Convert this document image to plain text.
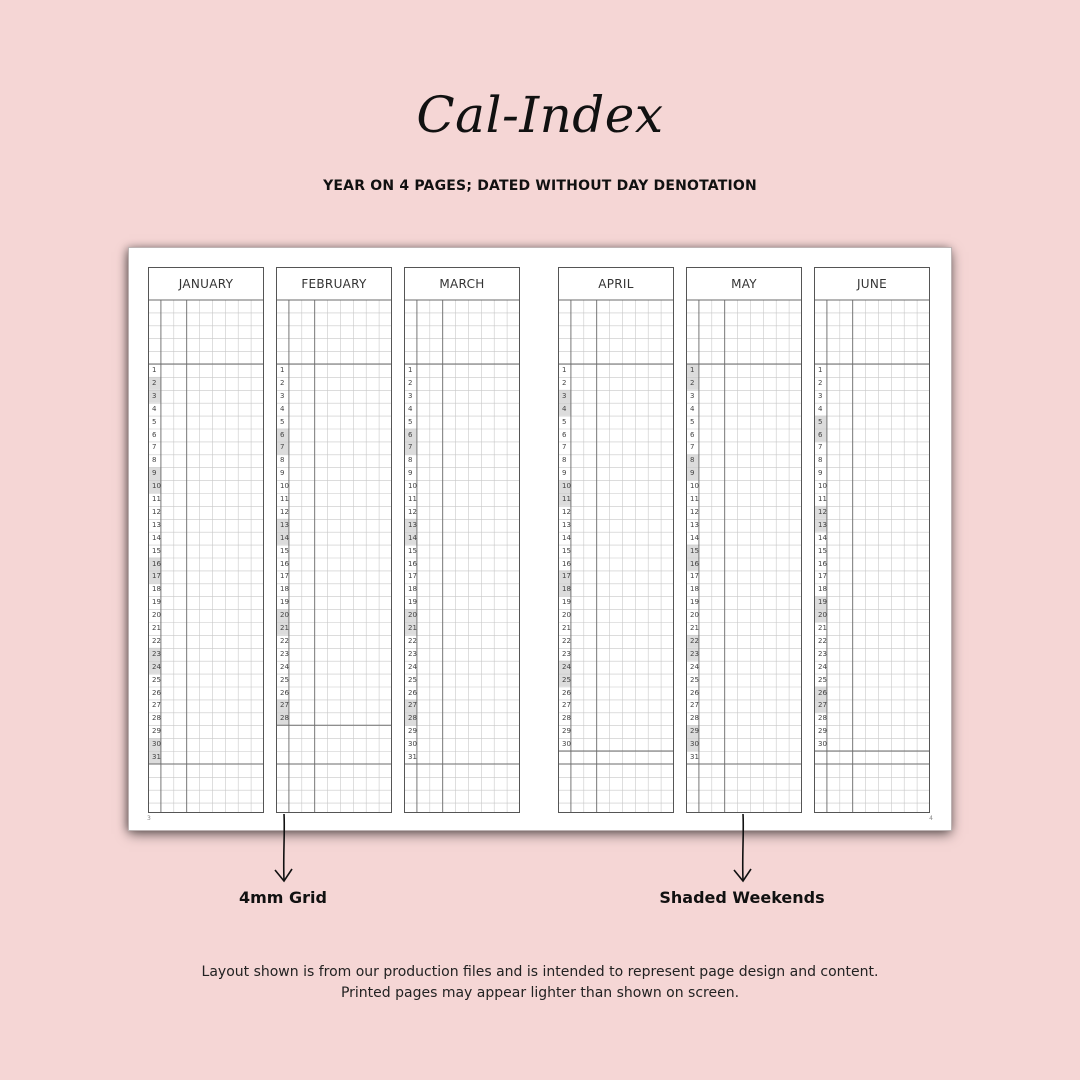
Cal-Index
YEAR ON 4 PAGES; DATED WITHOUT DAY DENOTATION
3	4
JANUARY
1
2
3
4
5
6
7
8
9
10
11
12
13
14
15
16
17
18
19
20
21
22
23
24
25
26
27
28
29
30
31
FEBRUARY
1
2
3
4
5
6
7
8
9
10
11
12
13
14
15
16
17
18
19
20
21
22
23
24
25
26
27
28
MARCH
1
2
3
4
5
6
7
8
9
10
11
12
13
14
15
16
17
18
19
20
21
22
23
24
25
26
27
28
29
30
31
APRIL
1
2
3
4
5
6
7
8
9
10
11
12
13
14
15
16
17
18
19
20
21
22
23
24
25
26
27
28
29
30
MAY
1
2
3
4
5
6
7
8
9
10
11
12
13
14
15
16
17
18
19
20
21
22
23
24
25
26
27
28
29
30
31
JUNE
1
2
3
4
5
6
7
8
9
10
11
12
13
14
15
16
17
18
19
20
21
22
23
24
25
26
27
28
29
30
4mm Grid	Shaded Weekends
Layout shown is from our production files and is intended to represent page design and content.
Printed pages may appear lighter than shown on screen.
